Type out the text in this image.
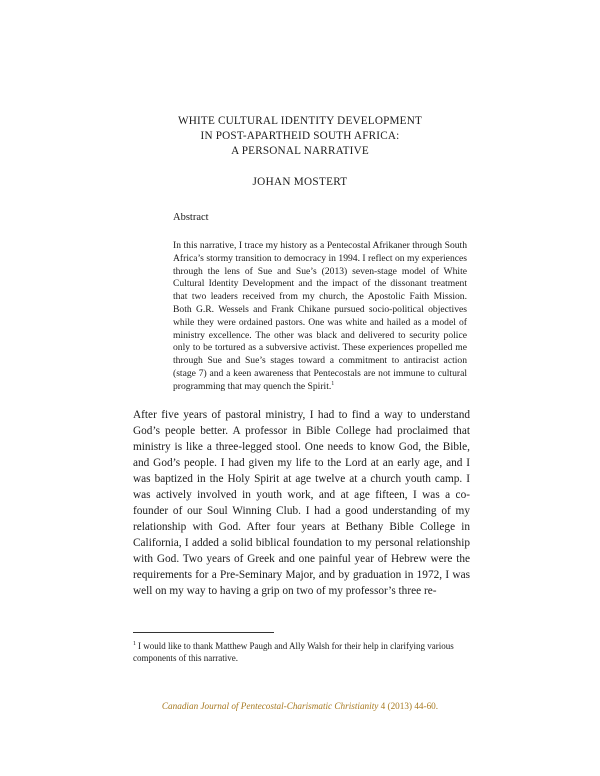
WHITE CULTURAL IDENTITY DEVELOPMENT
IN POST-APARTHEID SOUTH AFRICA:
A PERSONAL NARRATIVE
JOHAN MOSTERT
Abstract
In this narrative, I trace my history as a Pentecostal Afrikaner through South Africa’s stormy transition to democracy in 1994. I reflect on my experiences through the lens of Sue and Sue’s (2013) seven-stage model of White Cultural Identity Development and the impact of the dissonant treatment that two leaders received from my church, the Apostolic Faith Mission. Both G.R. Wessels and Frank Chikane pursued socio-political objectives while they were ordained pastors. One was white and hailed as a model of ministry excellence. The other was black and delivered to security police only to be tortured as a subversive activist. These experiences propelled me through Sue and Sue’s stages toward a commitment to antiracist action (stage 7) and a keen awareness that Pentecostals are not immune to cultural programming that may quench the Spirit.$^1$
After five years of pastoral ministry, I had to find a way to understand God’s people better. A professor in Bible College had proclaimed that ministry is like a three-legged stool. One needs to know God, the Bible, and God’s people. I had given my life to the Lord at an early age, and I was baptized in the Holy Spirit at age twelve at a church youth camp. I was actively involved in youth work, and at age fifteen, I was a co-founder of our Soul Winning Club. I had a good understanding of my relationship with God. After four years at Bethany Bible College in California, I added a solid biblical foundation to my personal relationship with God. Two years of Greek and one painful year of Hebrew were the requirements for a Pre-Seminary Major, and by graduation in 1972, I was well on my way to having a grip on two of my professor’s three re-
$^1$ I would like to thank Matthew Paugh and Ally Walsh for their help in clarifying various components of this narrative.
Canadian Journal of Pentecostal-Charismatic Christianity 4 (2013) 44-60.
